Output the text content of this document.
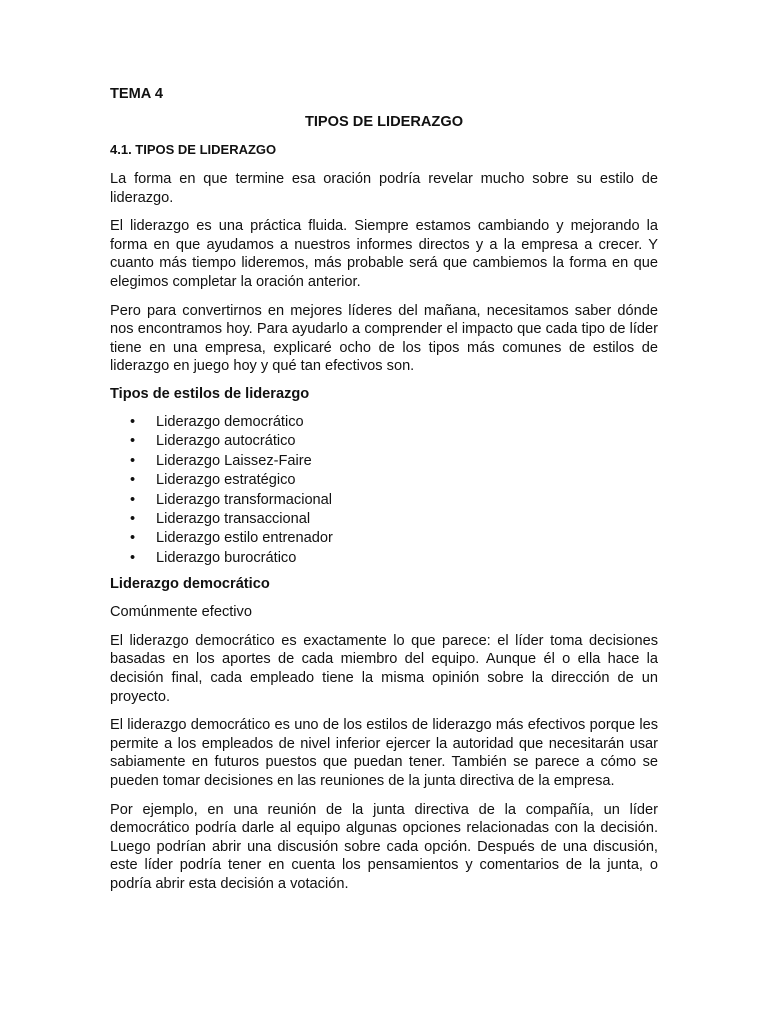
TEMA 4
TIPOS DE LIDERAZGO
4.1. TIPOS DE LIDERAZGO

La forma en que termine esa oración podría revelar mucho sobre su estilo de liderazgo.

El liderazgo es una práctica fluida. Siempre estamos cambiando y mejorando la forma en que ayudamos a nuestros informes directos y a la empresa a crecer. Y cuanto más tiempo lideremos, más probable será que cambiemos la forma en que elegimos completar la oración anterior.

Pero para convertirnos en mejores líderes del mañana, necesitamos saber dónde nos encontramos hoy. Para ayudarlo a comprender el impacto que cada tipo de líder tiene en una empresa, explicaré ocho de los tipos más comunes de estilos de liderazgo en juego hoy y qué tan efectivos son.

Tipos de estilos de liderazgo
• Liderazgo democrático
• Liderazgo autocrático
• Liderazgo Laissez-Faire
• Liderazgo estratégico
• Liderazgo transformacional
• Liderazgo transaccional
• Liderazgo estilo entrenador
• Liderazgo burocrático
Liderazgo democrático

Comúnmente efectivo

El liderazgo democrático es exactamente lo que parece: el líder toma decisiones basadas en los aportes de cada miembro del equipo. Aunque él o ella hace la decisión final, cada empleado tiene la misma opinión sobre la dirección de un proyecto.

El liderazgo democrático es uno de los estilos de liderazgo más efectivos porque les permite a los empleados de nivel inferior ejercer la autoridad que necesitarán usar sabiamente en futuros puestos que puedan tener. También se parece a cómo se pueden tomar decisiones en las reuniones de la junta directiva de la empresa.

Por ejemplo, en una reunión de la junta directiva de la compañía, un líder democrático podría darle al equipo algunas opciones relacionadas con la decisión. Luego podrían abrir una discusión sobre cada opción. Después de una discusión, este líder podría tener en cuenta los pensamientos y comentarios de la junta, o podría abrir esta decisión a votación.
